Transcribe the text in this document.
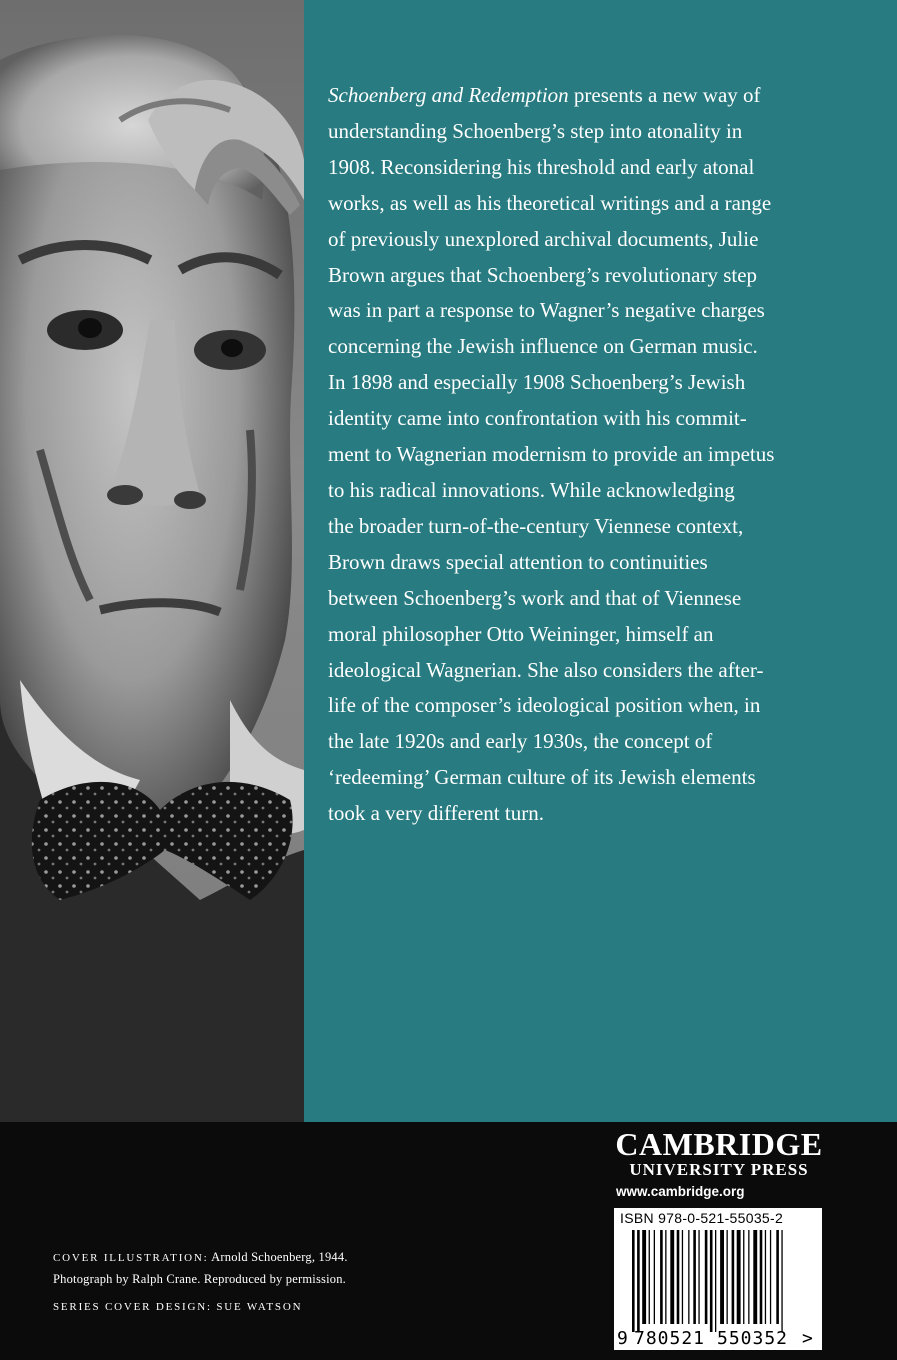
Schoenberg and Redemption presents a new way of
understanding Schoenberg’s step into atonality in
1908. Reconsidering his threshold and early atonal
works, as well as his theoretical writings and a range
of previously unexplored archival documents, Julie
Brown argues that Schoenberg’s revolutionary step
was in part a response to Wagner’s negative charges
concerning the Jewish influence on German music.
In 1898 and especially 1908 Schoenberg’s Jewish
identity came into confrontation with his commit-
ment to Wagnerian modernism to provide an impetus
to his radical innovations. While acknowledging
the broader turn-of-the-century Viennese context,
Brown draws special attention to continuities
between Schoenberg’s work and that of Viennese
moral philosopher Otto Weininger, himself an
ideological Wagnerian. She also considers the after-
life of the composer’s ideological position when, in
the late 1920s and early 1930s, the concept of
‘redeeming’ German culture of its Jewish elements
took a very different turn.

COVER ILLUSTRATION: Arnold Schoenberg, 1944.
Photograph by Ralph Crane. Reproduced by permission.
SERIES COVER DESIGN: SUE WATSON
CAMBRIDGE
UNIVERSITY PRESS
www.cambridge.org
ISBN 978-0-521-55035-2
9 780521 550352 >
